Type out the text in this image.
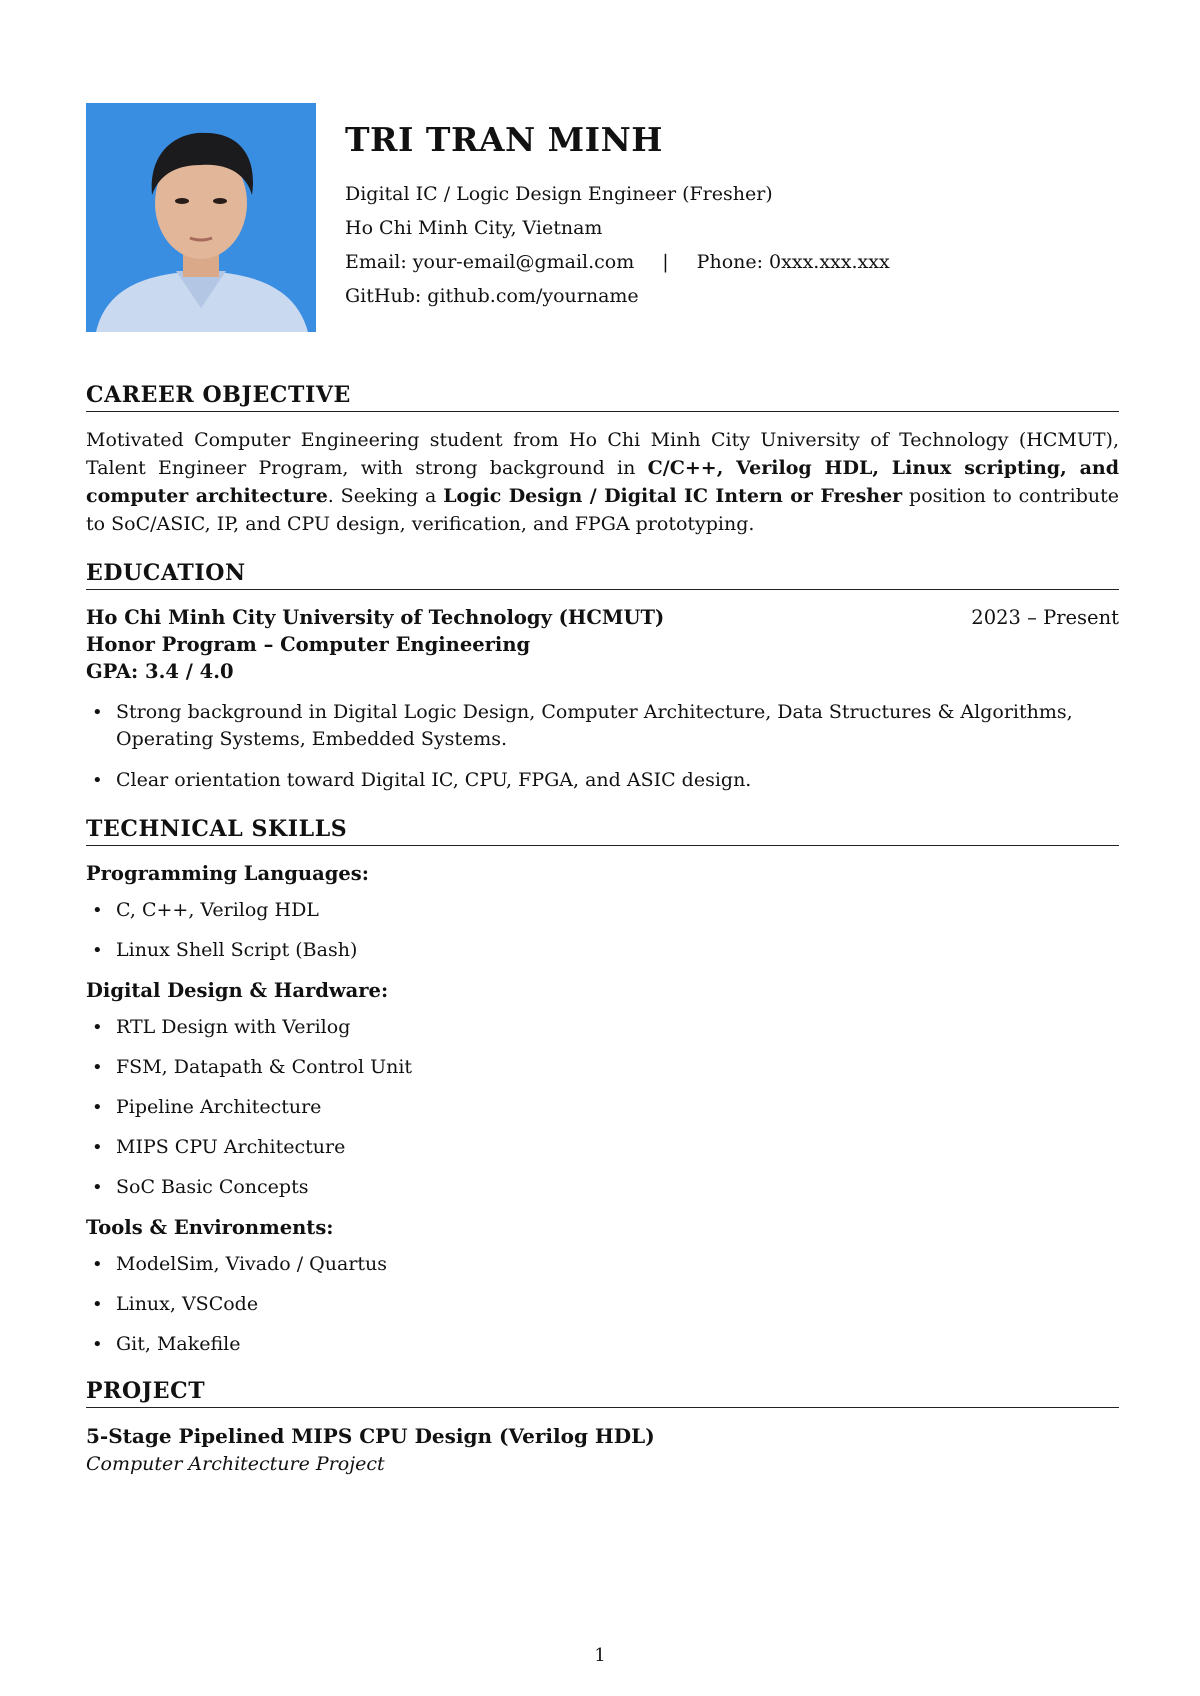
TRI TRAN MINH

Digital IC / Logic Design Engineer (Fresher)

Ho Chi Minh City, Vietnam

Email: your-email@gmail.com | Phone: 0xxx.xxx.xxx

GitHub: github.com/yourname

CAREER OBJECTIVE

Motivated Computer Engineering student from Ho Chi Minh City University of Technology (HCMUT), Talent Engineer Program, with strong background in C/C++, Verilog HDL, Linux scripting, and computer architecture. Seeking a Logic Design / Digital IC Intern or Fresher position to contribute to SoC/ASIC, IP, and CPU design, verification, and FPGA prototyping.

EDUCATION
Ho Chi Minh City University of Technology (HCMUT)	2023 – Present
Honor Program – Computer Engineering
GPA: 3.4 / 4.0
• Strong background in Digital Logic Design, Computer Architecture, Data Structures & Algorithms, Operating Systems, Embedded Systems.
• Clear orientation toward Digital IC, CPU, FPGA, and ASIC design.
TECHNICAL SKILLS
Programming Languages:
• C, C++, Verilog HDL
• Linux Shell Script (Bash)
Digital Design & Hardware:
• RTL Design with Verilog
• FSM, Datapath & Control Unit
• Pipeline Architecture
• MIPS CPU Architecture
• SoC Basic Concepts
Tools & Environments:
• ModelSim, Vivado / Quartus
• Linux, VSCode
• Git, Makefile
PROJECT
5-Stage Pipelined MIPS CPU Design (Verilog HDL)
Computer Architecture Project
1
